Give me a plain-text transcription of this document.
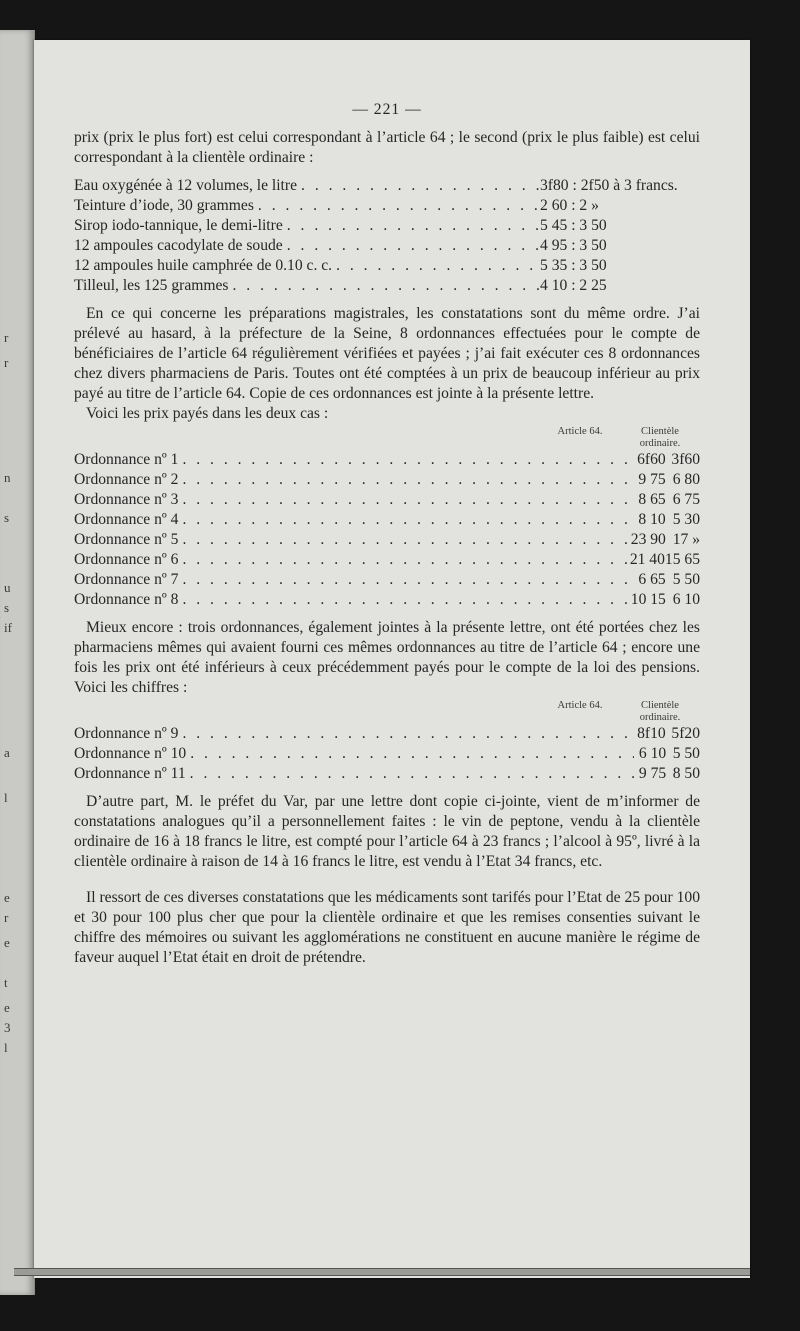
r
r
n
s
u
s
if
a
l
e
r
e
t
e
3
l
— 221 —

prix (prix le plus fort) est celui correspondant à l’article 64 ; le second (prix le plus faible) est celui correspondant à la clientèle ordinaire :

Eau oxygénée à 12 volumes, le litre . . .	3f80 : 2f50 à 3 francs.
Teinture d’iode, 30 grammes . . .	2 60 : 2 »
Sirop iodo-tannique, le demi-litre . . .	5 45 : 3 50
12 ampoules cacodylate de soude . . .	4 95 : 3 50
12 ampoules huile camphrée de 0.10 c. c. . . .	5 35 : 3 50
Tilleul, les 125 grammes . . .	4 10 : 2 25

En ce qui concerne les préparations magistrales, les constatations sont du même ordre. J’ai prélevé au hasard, à la préfecture de la Seine, 8 ordonnances effectuées pour le compte de bénéficiaires de l’article 64 régulièrement vérifiées et payées ; j’ai fait exécuter ces 8 ordonnances chez divers pharmaciens de Paris. Toutes ont été comptées à un prix de beaucoup inférieur au prix payé au titre de l’article 64. Copie de ces ordonnances est jointe à la présente lettre.

Voici les prix payés dans les deux cas :

Article 64.	Clientèle ordinaire.
Ordonnance nº 1 . . .	6f60 3f60
Ordonnance nº 2 . . .	9 75 6 80
Ordonnance nº 3 . . .	8 65 6 75
Ordonnance nº 4 . . .	8 10 5 30
Ordonnance nº 5 . . .	23 90 17 »
Ordonnance nº 6 . . .	21 40 15 65
Ordonnance nº 7 . . .	6 65 5 50
Ordonnance nº 8 . . .	10 15 6 10

Mieux encore : trois ordonnances, également jointes à la présente lettre, ont été portées chez les pharmaciens mêmes qui avaient fourni ces mêmes ordonnances au titre de l’article 64 ; encore une fois les prix ont été inférieurs à ceux précédemment payés pour le compte de la loi des pensions. Voici les chiffres :

Article 64.	Clientèle ordinaire.
Ordonnance nº 9 . . .	8f10 5f20
Ordonnance nº 10 . . .	6 10 5 50
Ordonnance nº 11 . . .	9 75 8 50

D’autre part, M. le préfet du Var, par une lettre dont copie ci-jointe, vient de m’informer de constatations analogues qu’il a personnellement faites : le vin de peptone, vendu à la clientèle ordinaire de 16 à 18 francs le litre, est compté pour l’article 64 à 23 francs ; l’alcool à 95º, livré à la clientèle ordinaire à raison de 14 à 16 francs le litre, est vendu à l’Etat 34 francs, etc.

Il ressort de ces diverses constatations que les médicaments sont tarifés pour l’Etat de 25 pour 100 et 30 pour 100 plus cher que pour la clientèle ordinaire et que les remises consenties suivant le chiffre des mémoires ou suivant les agglomérations ne constituent en aucune manière le régime de faveur auquel l’Etat était en droit de prétendre.
